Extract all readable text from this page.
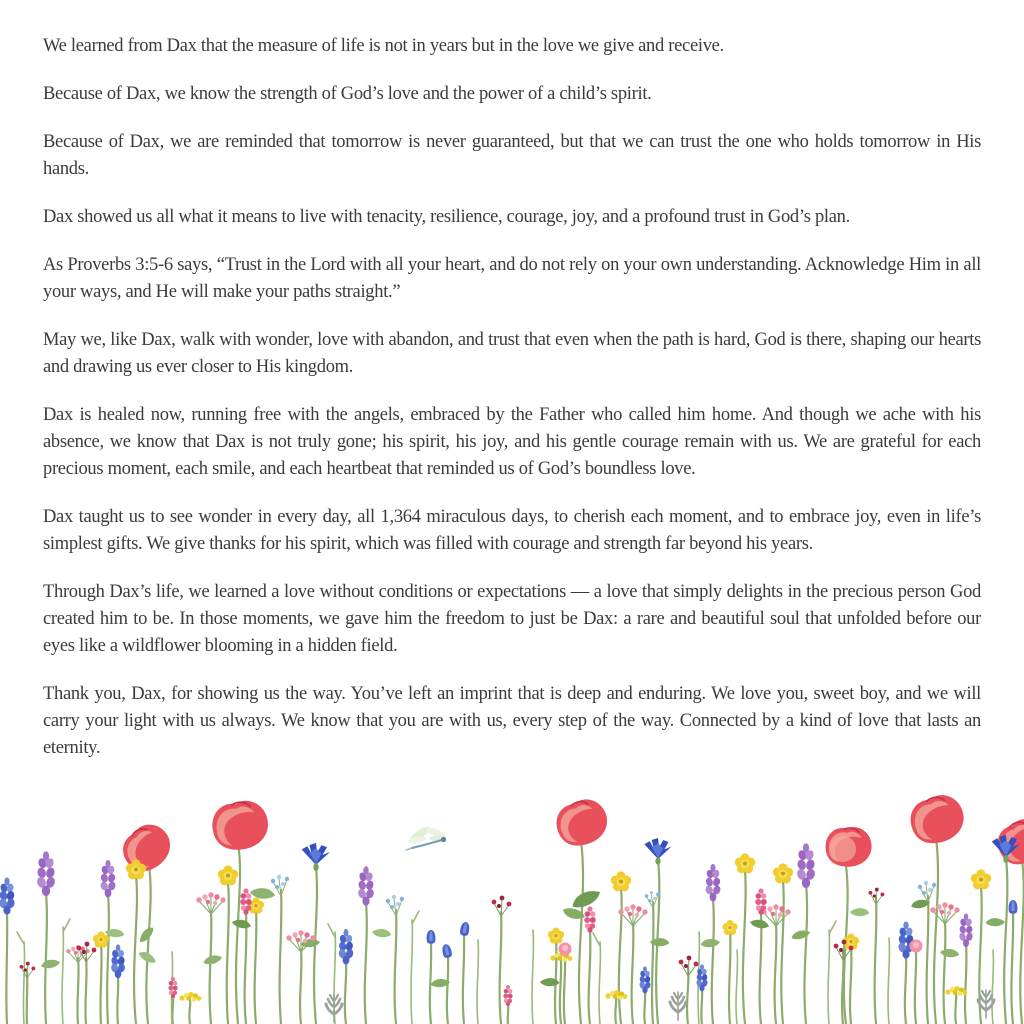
We learned from Dax that the measure of life is not in years but in the love we give and receive.

Because of Dax, we know the strength of God’s love and the power of a child’s spirit.

Because of Dax, we are reminded that tomorrow is never guaranteed, but that we can trust the one who holds tomorrow in His hands.

Dax showed us all what it means to live with tenacity, resilience, courage, joy, and a profound trust in God’s plan.

As Proverbs 3:5-6 says, “Trust in the Lord with all your heart, and do not rely on your own understanding. Acknowledge Him in all your ways, and He will make your paths straight.”

May we, like Dax, walk with wonder, love with abandon, and trust that even when the path is hard, God is there, shaping our hearts and drawing us ever closer to His kingdom.

Dax is healed now, running free with the angels, embraced by the Father who called him home. And though we ache with his absence, we know that Dax is not truly gone; his spirit, his joy, and his gentle courage remain with us. We are grateful for each precious moment, each smile, and each heartbeat that reminded us of God’s boundless love.

Dax taught us to see wonder in every day, all 1,364 miraculous days, to cherish each moment, and to embrace joy, even in life’s simplest gifts. We give thanks for his spirit, which was filled with courage and strength far beyond his years.

Through Dax’s life, we learned a love without conditions or expectations — a love that simply delights in the precious person God created him to be. In those moments, we gave him the freedom to just be Dax: a rare and beautiful soul that unfolded before our eyes like a wildflower blooming in a hidden field.

Thank you, Dax, for showing us the way. You’ve left an imprint that is deep and enduring. We love you, sweet boy, and we will carry your light with us always. We know that you are with us, every step of the way. Connected by a kind of love that lasts an eternity.
